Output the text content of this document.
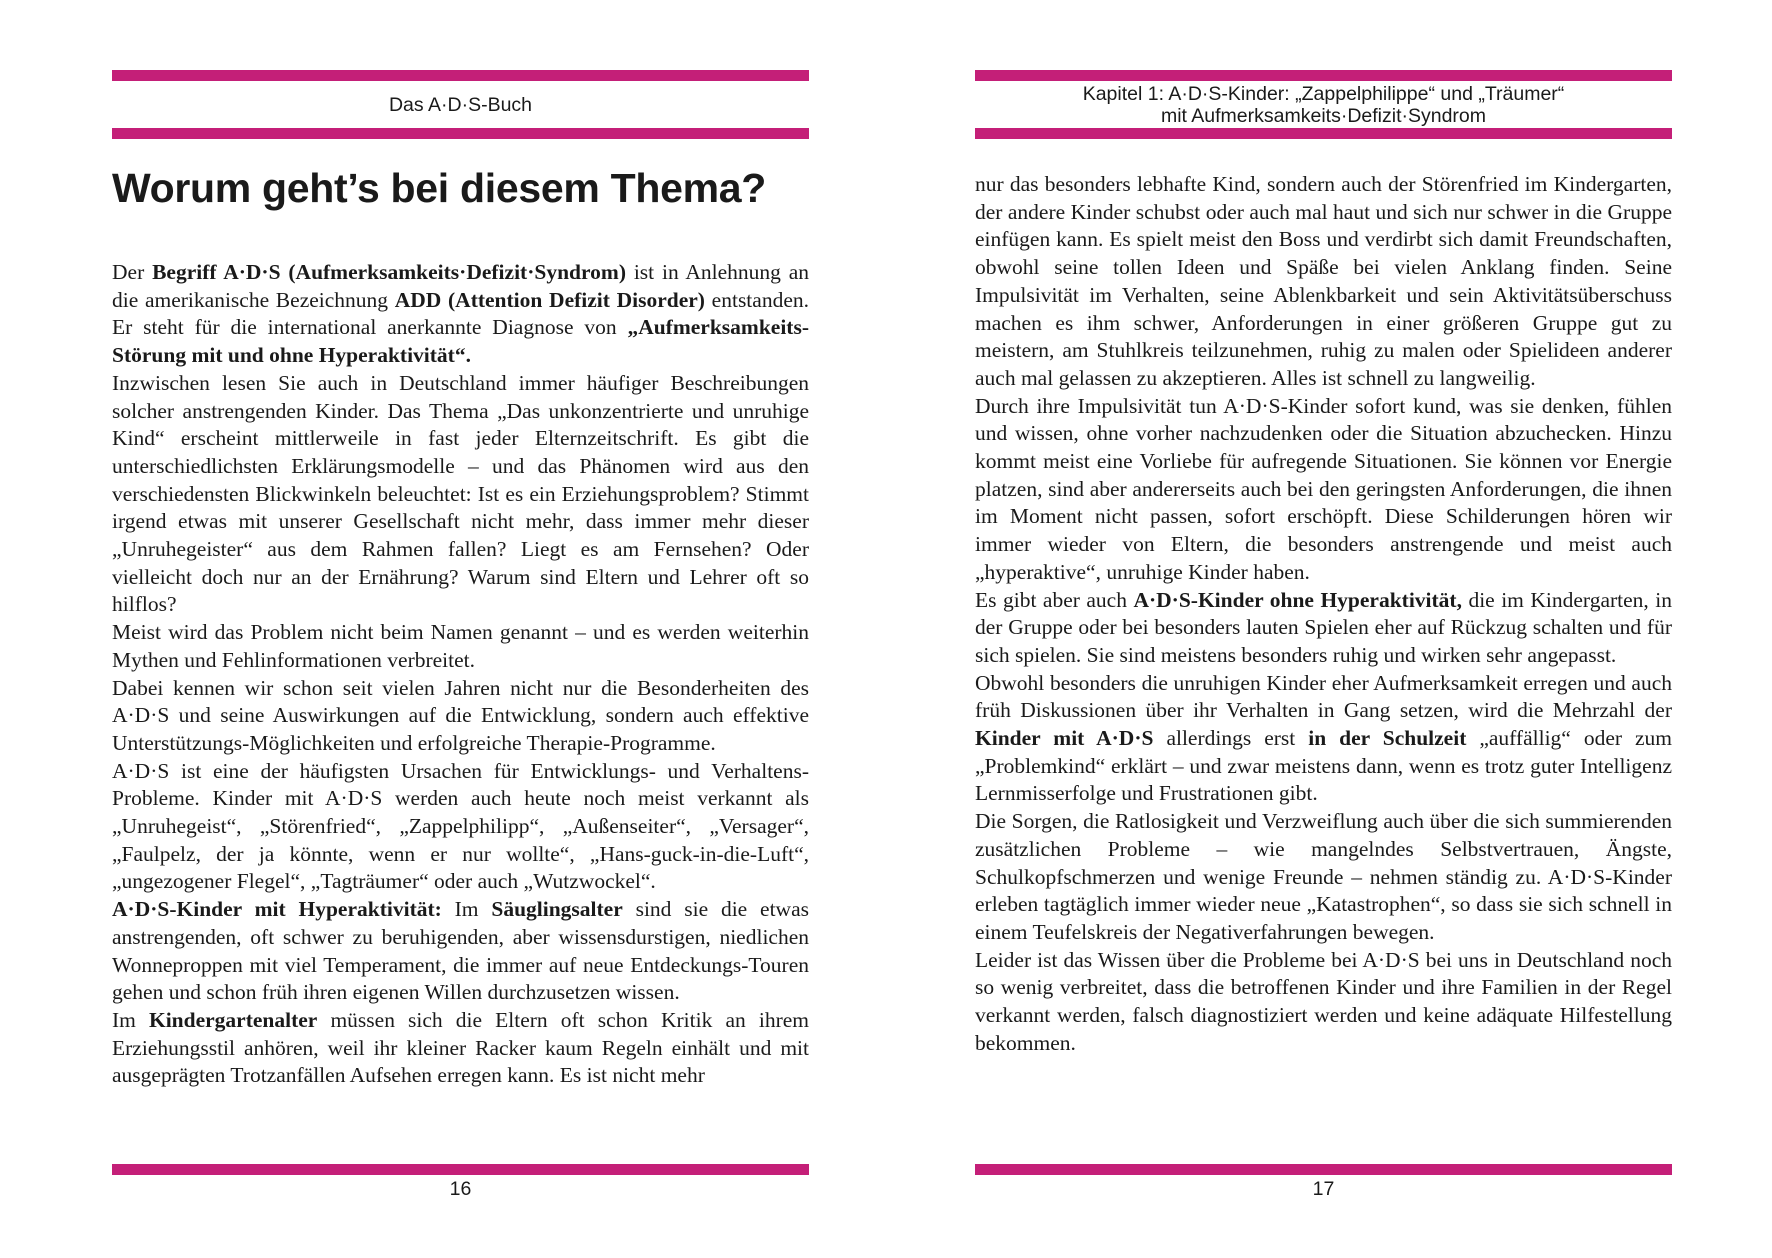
Das A·D·S-Buch
Worum geht’s bei diesem Thema?

Der Begriff A·D·S (Aufmerksamkeits·Defizit·Syndrom) ist in Anlehnung an die amerikanische Bezeichnung ADD (Attention Defizit Disorder) entstanden. Er steht für die international anerkannte Diagnose von „Aufmerksamkeits-Störung mit und ohne Hyperaktivität“.

Inzwischen lesen Sie auch in Deutschland immer häufiger Beschreibungen solcher anstrengenden Kinder. Das Thema „Das unkonzentrierte und unruhige Kind“ erscheint mittlerweile in fast jeder Elternzeitschrift. Es gibt die unterschiedlichsten Erklärungsmodelle – und das Phänomen wird aus den verschiedensten Blickwinkeln beleuchtet: Ist es ein Erziehungsproblem? Stimmt irgend etwas mit unserer Gesellschaft nicht mehr, dass immer mehr dieser „Unruhegeister“ aus dem Rahmen fallen? Liegt es am Fernsehen? Oder vielleicht doch nur an der Ernährung? Warum sind Eltern und Lehrer oft so hilflos?

Meist wird das Problem nicht beim Namen genannt – und es werden weiterhin Mythen und Fehlinformationen verbreitet.

Dabei kennen wir schon seit vielen Jahren nicht nur die Besonderheiten des A·D·S und seine Auswirkungen auf die Entwicklung, sondern auch effektive Unterstützungs-Möglichkeiten und erfolgreiche Therapie-Programme.

A·D·S ist eine der häufigsten Ursachen für Entwicklungs- und Verhaltens-Probleme. Kinder mit A·D·S werden auch heute noch meist verkannt als „Unruhegeist“, „Störenfried“, „Zappelphilipp“, „Außenseiter“, „Versager“, „Faulpelz, der ja könnte, wenn er nur wollte“, „Hans-guck-in-die-Luft“, „ungezogener Flegel“, „Tagträumer“ oder auch „Wutzwockel“.

A·D·S-Kinder mit Hyperaktivität: Im Säuglingsalter sind sie die etwas anstrengenden, oft schwer zu beruhigenden, aber wissensdurstigen, niedlichen Wonneproppen mit viel Temperament, die immer auf neue Entdeckungs-Touren gehen und schon früh ihren eigenen Willen durchzusetzen wissen.

Im Kindergartenalter müssen sich die Eltern oft schon Kritik an ihrem Erziehungsstil anhören, weil ihr kleiner Racker kaum Regeln einhält und mit ausgeprägten Trotzanfällen Aufsehen erregen kann. Es ist nicht mehr

16
Kapitel 1: A·D·S-Kinder: „Zappelphilippe“ und „Träumer“
mit Aufmerksamkeits·Defizit·Syndrom

nur das besonders lebhafte Kind, sondern auch der Störenfried im Kindergarten, der andere Kinder schubst oder auch mal haut und sich nur schwer in die Gruppe einfügen kann. Es spielt meist den Boss und verdirbt sich damit Freundschaften, obwohl seine tollen Ideen und Späße bei vielen Anklang finden. Seine Impulsivität im Verhalten, seine Ablenkbarkeit und sein Aktivitätsüberschuss machen es ihm schwer, Anforderungen in einer größeren Gruppe gut zu meistern, am Stuhlkreis teilzunehmen, ruhig zu malen oder Spielideen anderer auch mal gelassen zu akzeptieren. Alles ist schnell zu langweilig.

Durch ihre Impulsivität tun A·D·S-Kinder sofort kund, was sie denken, fühlen und wissen, ohne vorher nachzudenken oder die Situation abzuchecken. Hinzu kommt meist eine Vorliebe für aufregende Situationen. Sie können vor Energie platzen, sind aber andererseits auch bei den geringsten Anforderungen, die ihnen im Moment nicht passen, sofort erschöpft. Diese Schilderungen hören wir immer wieder von Eltern, die besonders anstrengende und meist auch „hyperaktive“, unruhige Kinder haben.

Es gibt aber auch A·D·S-Kinder ohne Hyperaktivität, die im Kindergarten, in der Gruppe oder bei besonders lauten Spielen eher auf Rückzug schalten und für sich spielen. Sie sind meistens besonders ruhig und wirken sehr angepasst.

Obwohl besonders die unruhigen Kinder eher Aufmerksamkeit erregen und auch früh Diskussionen über ihr Verhalten in Gang setzen, wird die Mehrzahl der Kinder mit A·D·S allerdings erst in der Schulzeit „auffällig“ oder zum „Problemkind“ erklärt – und zwar meistens dann, wenn es trotz guter Intelligenz Lernmisserfolge und Frustrationen gibt.

Die Sorgen, die Ratlosigkeit und Verzweiflung auch über die sich summierenden zusätzlichen Probleme – wie mangelndes Selbstvertrauen, Ängste, Schulkopfschmerzen und wenige Freunde – nehmen ständig zu. A·D·S-Kinder erleben tagtäglich immer wieder neue „Katastrophen“, so dass sie sich schnell in einem Teufelskreis der Negativerfahrungen bewegen.

Leider ist das Wissen über die Probleme bei A·D·S bei uns in Deutschland noch so wenig verbreitet, dass die betroffenen Kinder und ihre Familien in der Regel verkannt werden, falsch diagnostiziert werden und keine adäquate Hilfestellung bekommen.

17
